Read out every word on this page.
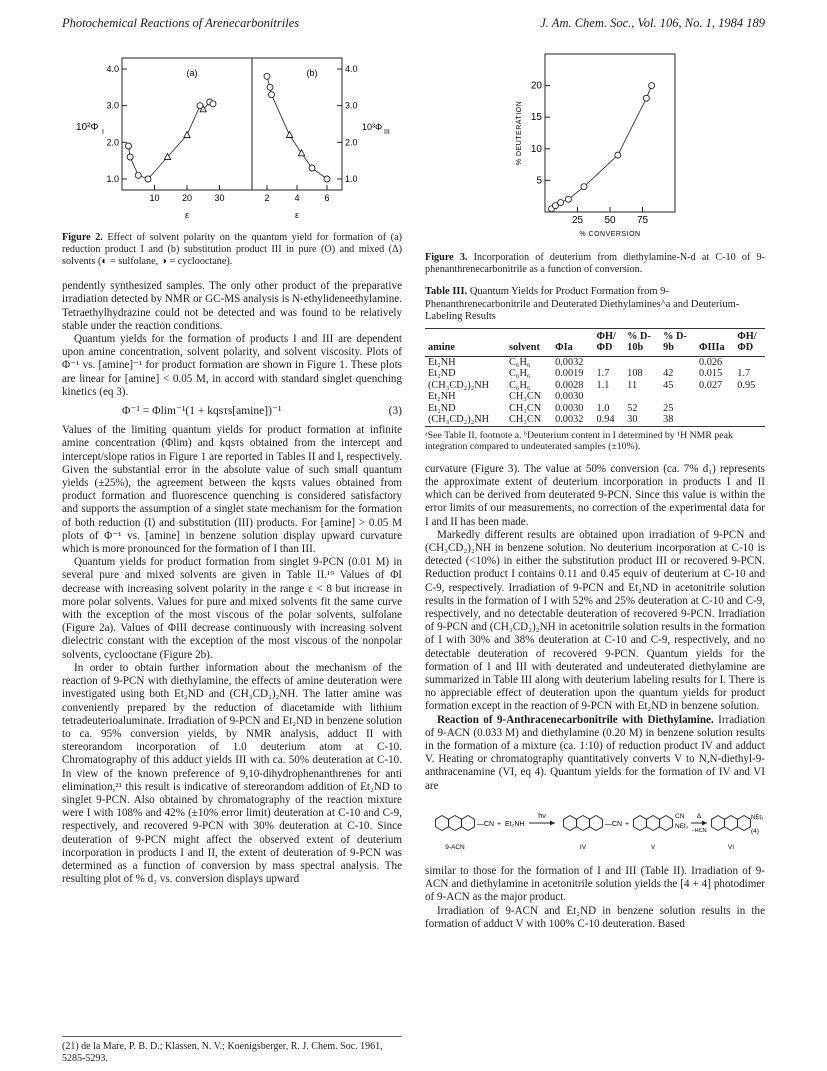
Photochemical Reactions of Arenecarbonitriles	J. Am. Chem. Soc., Vol. 106, No. 1, 1984 189
10 20 30
1.0
2.0
3.0
4.0	(a)
10²Φ I
ε
2	4	6
1.0
2.0
3.0
4.0
(b)
10³Φ
III
ε

Figure 2. Effect of solvent polarity on the quantum yield for formation of (a) reduction product I and (b) substitution product III in pure (O) and mixed (Δ) solvents (◐ = sulfolane, ◑ = cyclooctane).

pendently synthesized samples. The only other product of the preparative irradiation detected by NMR or GC-MS analysis is N-ethylideneethylamine. Tetraethylhydrazine could not be detected and was found to be relatively stable under the reaction conditions.

Quantum yields for the formation of products I and III are dependent upon amine concentration, solvent polarity, and solvent viscosity. Plots of Φ⁻¹ vs. [amine]⁻¹ for product formation are shown in Figure 1. These plots are linear for [amine] < 0.05 M, in accord with standard singlet quenching kinetics (eq 3).

Φ⁻¹ = Φlim⁻¹(1 + kqsτs[amine])⁻¹	(3)

Values of the limiting quantum yields for product formation at infinite amine concentration (Φlim) and kqsτs obtained from the intercept and intercept/slope ratios in Figure 1 are reported in Tables II and I, respectively. Given the substantial error in the absolute value of such small quantum yields (±25%), the agreement between the kqsτs values obtained from product formation and fluorescence quenching is considered satisfactory and supports the assumption of a singlet state mechanism for the formation of both reduction (I) and substitution (III) products. For [amine] > 0.05 M plots of Φ⁻¹ vs. [amine] in benzene solution display upward curvature which is more pronounced for the formation of I than III.

Quantum yields for product formation from singlet 9-PCN (0.01 M) in several pure and mixed solvents are given in Table II.¹⁹ Values of ΦI decrease with increasing solvent polarity in the range ε < 8 but increase in more polar solvents. Values for pure and mixed solvents fit the same curve with the exception of the most viscous of the polar solvents, sulfolane (Figure 2a). Values of ΦIII decrease continuously with increasing solvent dielectric constant with the exception of the most viscous of the nonpolar solvents, cyclooctane (Figure 2b).

In order to obtain further information about the mechanism of the reaction of 9-PCN with diethylamine, the effects of amine deuteration were investigated using both Et₂ND and (CH₃CD₂)₂NH. The latter amine was conveniently prepared by the reduction of diacetamide with lithium tetradeuterioaluminate. Irradiation of 9-PCN and Et₂ND in benzene solution to ca. 95% conversion yields, by NMR analysis, adduct II with stereorandom incorporation of 1.0 deuterium atom at C-10. Chromatography of this adduct yields III with ca. 50% deuteration at C-10. In view of the known preference of 9,10-dihydrophenanthrenes for anti elimination,²¹ this result is indicative of stereorandom addition of Et₂ND to singlet 9-PCN. Also obtained by chromatography of the reaction mixture were I with 108% and 42% (±10% error limit) deuteration at C-10 and C-9, respectively, and recovered 9-PCN with 30% deuteration at C-10. Since deuteration of 9-PCN might affect the observed extent of deuterium incorporation in products I and II, the extent of deuteration of 9-PCN was determined as a function of conversion by mass spectral analysis. The resulting plot of % d₁ vs. conversion displays upward

(21) de la Mare, P. B. D.; Klassen, N. V.; Koenigsberger, R. J. Chem. Soc. 1961, 5285-5293.
25 50 75
5
10
15
20
% CONVERSION
% DEUTERATION

Figure 3. Incorporation of deuterium from diethylamine-N-d at C-10 of 9-phenanthrenecarbonitrile as a function of conversion.

Table III. Quantum Yields for Product Formation from 9-Phenanthrenecarbonitrile and Deuterated Diethylamines^a and Deuterium-Labeling Results
			ΦH/	% D-	% D-		ΦH/
amine	solvent	ΦIa	ΦD	10b	9b	ΦIIIa	ΦD
Et₂NH	C₆H₆	0.0032				0.026	
Et₂ND	C₆H₆	0.0019	1.7	108	42	0.015	1.7
(CH₃CD₂)₂NH	C₆H₆	0.0028	1.1	11	45	0.027	0.95
Et₂NH	CH₃CN	0.0030					
Et₂ND	CH₃CN	0.0030	1.0	52	25		
(CH₃CD₂)₂NH	CH₃CN	0.0032	0.94	30	38		
ᵃSee Table II, footnote a. ᵇDeuterium content in I determined by ¹H NMR peak integration compared to undeuterated samples (±10%).

curvature (Figure 3). The value at 50% conversion (ca. 7% d₁) represents the approximate extent of deuterium incorporation in products I and II which can be derived from deuterated 9-PCN. Since this value is within the error limits of our measurements, no correction of the experimental data for I and II has been made.

Markedly different results are obtained upon irradiation of 9-PCN and (CH₃CD₂)₂NH in benzene solution. No deuterium incorporation at C-10 is detected (<10%) in either the substitution product III or recovered 9-PCN. Reduction product I contains 0.11 and 0.45 equiv of deuterium at C-10 and C-9, respectively. Irradiation of 9-PCN and Et₂ND in acetonitrile solution results in the formation of I with 52% and 25% deuteration at C-10 and C-9, respectively, and no detectable deuteration of recovered 9-PCN. Irradiation of 9-PCN and (CH₃CD₂)₂NH in acetonitrile solution results in the formation of I with 30% and 38% deuteration at C-10 and C-9, respectively, and no detectable deuteration of recovered 9-PCN. Quantum yields for the formation of I and III with deuterated and undeuterated diethylamine are summarized in Table III along with deuterium labeling results for I. There is no appreciable effect of deuteration upon the quantum yields for product formation except in the reaction of 9-PCN with Et₂ND in benzene solution.

Reaction of 9-Anthracenecarbonitrile with Diethylamine. Irradiation of 9-ACN (0.033 M) and diethylamine (0.20 M) in benzene solution results in the formation of a mixture (ca. 1:10) of reduction product IV and adduct V. Heating or chromatography quantitatively converts V to N,N-diethyl-9-anthracenamine (VI, eq 4). Quantum yields for the formation of IV and VI are

—CN + Et₂NH
hν
—CN +
CN
NEt₂
Δ
−HCN
NEt₂
(4)
9-ACN	IV	V	VI

similar to those for the formation of I and III (Table II). Irradiation of 9-ACN and diethylamine in acetonitrile solution yields the [4 + 4] photodimer of 9-ACN as the major product.

Irradiation of 9-ACN and Et₂ND in benzene solution results in the formation of adduct V with 100% C-10 deuteration. Based
